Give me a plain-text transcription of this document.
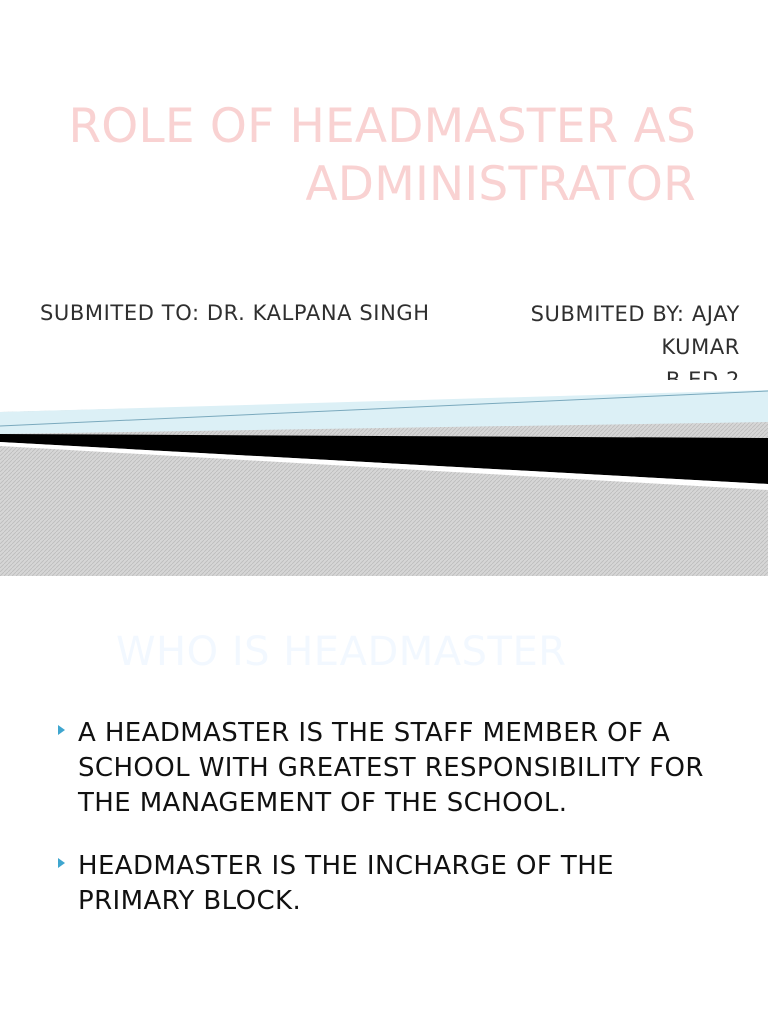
ROLE OF HEADMASTER AS
ADMINISTRATOR
SUBMITED TO: DR. KALPANA SINGH	SUBMITED BY: AJAY
KUMAR
WHO IS HEADMASTER
A HEADMASTER IS THE STAFF MEMBER OF A SCHOOL WITH GREATEST RESPONSIBILITY FOR THE MANAGEMENT OF THE SCHOOL.
HEADMASTER IS THE INCHARGE OF THE PRIMARY BLOCK.
